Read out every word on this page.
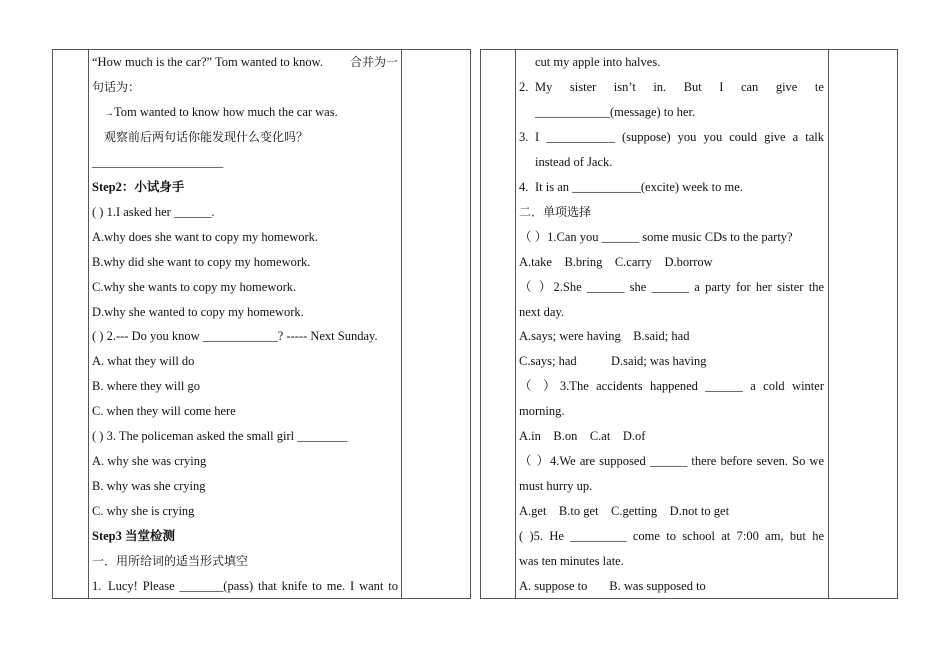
“How much is the car?” Tom wanted to know. 合并为一
句话为：
→Tom wanted to know how much the car was.
观察前后两句话你能发现什么变化吗？
_____________________
Step2：小试身手
( ) 1.I asked her ______.
A.why does she want to copy my homework.
B.why did she want to copy my homework.
C.why she wants to copy my homework.
D.why she wanted to copy my homework.
( ) 2.--- Do you know ____________? ----- Next Sunday.
A. what they will do
B. where they will go
C. when they will come here
( ) 3. The policeman asked the small girl ________
A. why she was crying
B. why was she crying
C. why she is crying
Step3 当堂检测
一．用所给词的适当形式填空
1. Lucy! Please _______(pass) that knife to me. I want to
cut my apple into halves.
2. My sister isn’t in. But I can give te
____________(message) to her.
3. I ___________ (suppose) you you could give a talk
instead of Jack.
4. It is an ___________(excite) week to me.
二．单项选择
（ ）1.Can you ______ some music CDs to the party?
A.take    B.bring    C.carry    D.borrow
（ ）2.She ______ she ______ a party for her sister the
next day.
A.says; were having    B.said; had
C.says; had           D.said; was having
（ ）3.The accidents happened ______ a cold winter
morning.
A.in    B.on    C.at    D.of
（ ）4.We are supposed ______ there before seven. So we
must hurry up.
A.get    B.to get    C.getting    D.not to get
( )5. He _________ come to school at 7:00 am, but he
was ten minutes late.
A. suppose to       B. was supposed to
